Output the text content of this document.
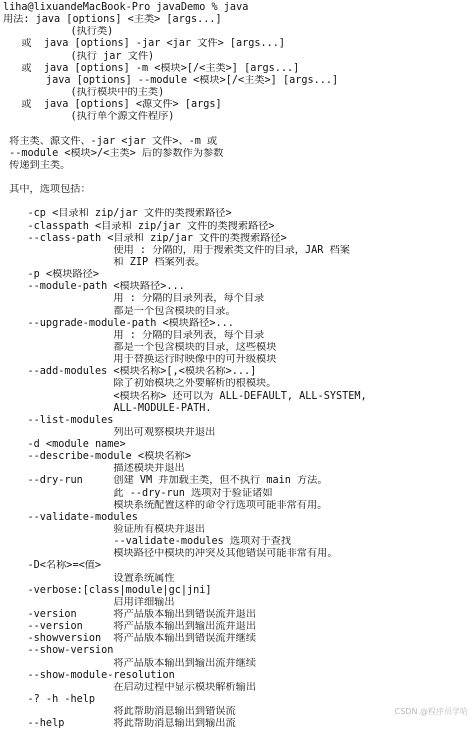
liha@lixuandeMacBook-Pro javaDemo % java
用法: java [options] <主类> [args...]
(执行类)
或  java [options] -jar <jar 文件> [args...]
(执行 jar 文件)
或  java [options] -m <模块>[/<主类>] [args...]
java [options] --module <模块>[/<主类>] [args...]
(执行模块中的主类)
或  java [options] <源文件> [args]
(执行单个源文件程序)
将主类、源文件、-jar <jar 文件>、-m 或
--module <模块>/<主类> 后的参数作为参数
传递到主类。
其中，选项包括：
-cp <目录和 zip/jar 文件的类搜索路径>
-classpath <目录和 zip/jar 文件的类搜索路径>
--class-path <目录和 zip/jar 文件的类搜索路径>
使用 : 分隔的，用于搜索类文件的目录，JAR 档案
和 ZIP 档案列表。
-p <模块路径>
--module-path <模块路径>...
用 : 分隔的目录列表，每个目录
都是一个包含模块的目录。
--upgrade-module-path <模块路径>...
用 : 分隔的目录列表，每个目录
都是一个包含模块的目录，这些模块
用于替换运行时映像中的可升级模块
--add-modules <模块名称>[,<模块名称>...]
除了初始模块之外要解析的根模块。
<模块名称> 还可以为 ALL-DEFAULT, ALL-SYSTEM,
ALL-MODULE-PATH.
--list-modules
列出可观察模块并退出
-d <module name>
--describe-module <模块名称>
描述模块并退出
--dry-run     创建 VM 并加载主类，但不执行 main 方法。
此 --dry-run 选项对于验证诸如
模块系统配置这样的命令行选项可能非常有用。
--validate-modules
验证所有模块并退出
--validate-modules 选项对于查找
模块路径中模块的冲突及其他错误可能非常有用。
-D<名称>=<值>
设置系统属性
-verbose:[class|module|gc|jni]
启用详细输出
-version      将产品版本输出到错误流并退出
--version     将产品版本输出到输出流并退出
-showversion  将产品版本输出到错误流并继续
--show-version
将产品版本输出到输出流并继续
--show-module-resolution
在启动过程中显示模块解析输出
-? -h -help
将此帮助消息输出到错误流
--help        将此帮助消息输出到输出流	CSDN @程序员学哈
